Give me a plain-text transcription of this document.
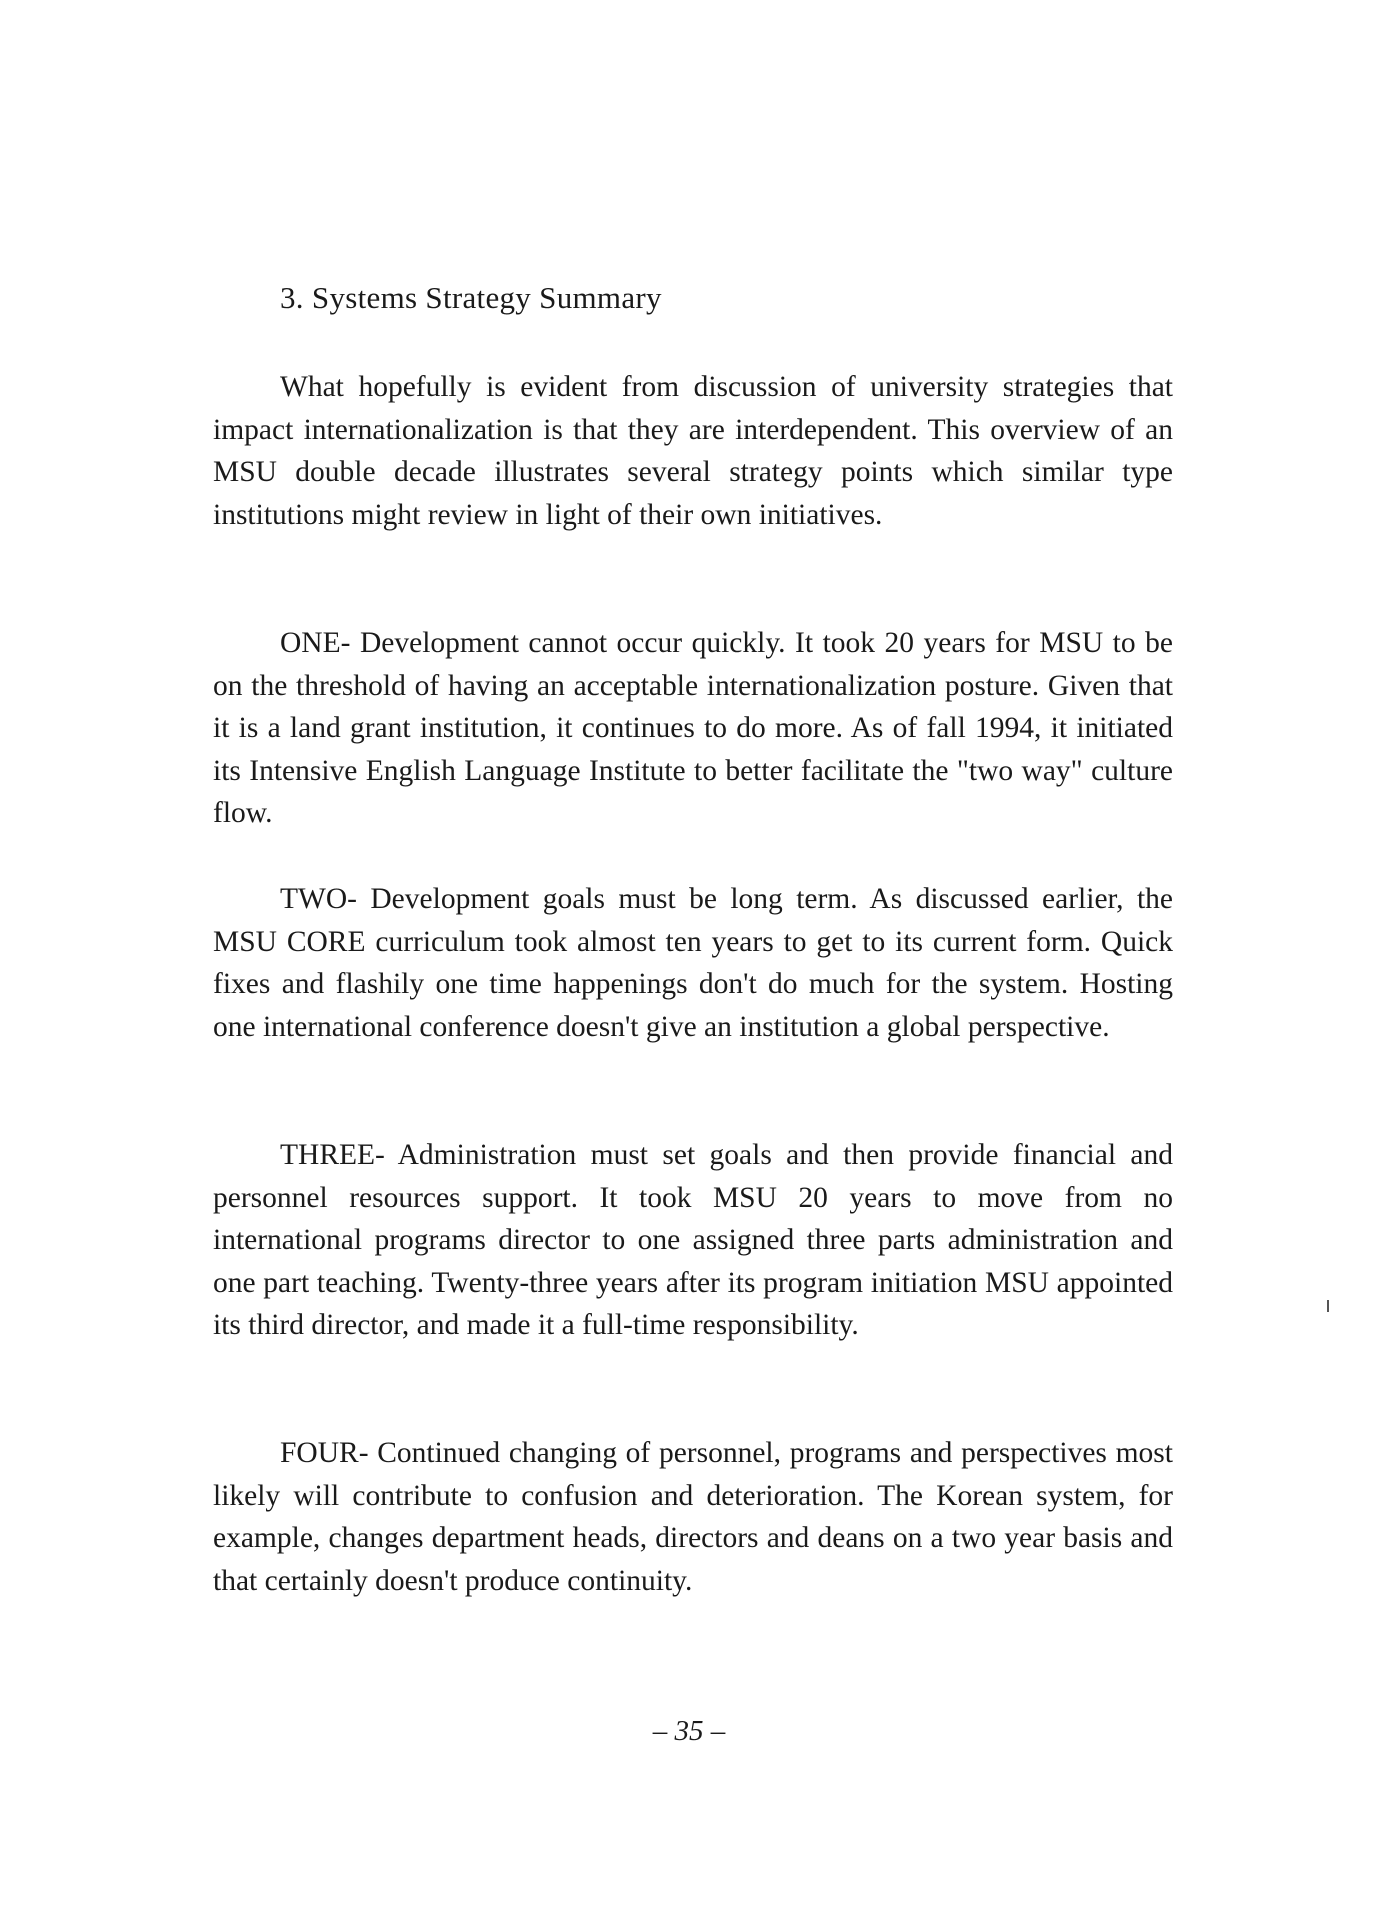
3. Systems Strategy Summary

What hopefully is evident from discussion of university strategies that impact internationalization is that they are interdependent. This overview of an MSU double decade illustrates several strategy points which similar type institutions might review in light of their own initiatives.

ONE- Development cannot occur quickly. It took 20 years for MSU to be on the threshold of having an acceptable internationalization posture. Given that it is a land grant institution, it continues to do more. As of fall 1994, it initiated its Intensive English Language Institute to better facilitate the "two way" culture flow.

TWO- Development goals must be long term. As discussed earlier, the MSU CORE curriculum took almost ten years to get to its current form. Quick fixes and flashily one time happenings don't do much for the system. Hosting one international conference doesn't give an institution a global perspective.

THREE- Administration must set goals and then provide financial and personnel resources support. It took MSU 20 years to move from no international programs director to one assigned three parts administration and one part teaching. Twenty-three years after its program initiation MSU appointed its third director, and made it a full-time responsibility.

FOUR- Continued changing of personnel, programs and perspectives most likely will contribute to confusion and deterioration. The Korean system, for example, changes department heads, directors and deans on a two year basis and that certainly doesn't produce continuity.

– 35 –
